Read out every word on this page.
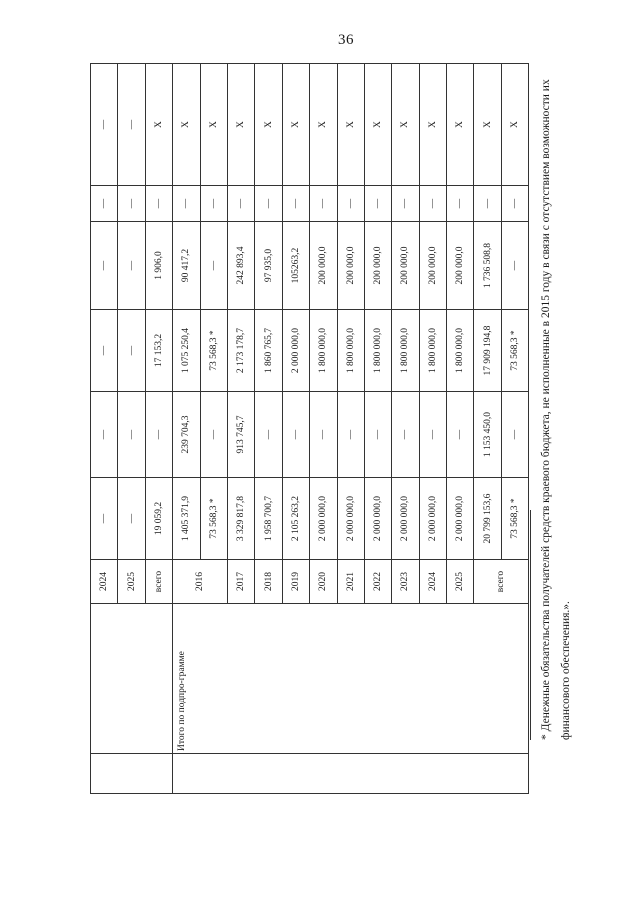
36
		2024	—	—	—	—	—	—
		2025	—	—	—	—	—	—
		всего	19 059,2	—	17 153,2	1 906,0	—	Х
	Итого по подпро-грамме	2016	1 405 371,9	239 704,3	1 075 250,4	90 417,2	—	Х
			73 568,3 *	—	73 568,3 *	—	—	Х
		2017	3 329 817,8	913 745,7	2 173 178,7	242 893,4	—	Х
		2018	1 958 700,7	—	1 860 765,7	97 935,0	—	Х
		2019	2 105 263,2	—	2 000 000,0	105263,2	—	Х
		2020	2 000 000,0	—	1 800 000,0	200 000,0	—	Х
		2021	2 000 000,0	—	1 800 000,0	200 000,0	—	Х
		2022	2 000 000,0	—	1 800 000,0	200 000,0	—	Х
		2023	2 000 000,0	—	1 800 000,0	200 000,0	—	Х
		2024	2 000 000,0	—	1 800 000,0	200 000,0	—	Х
		2025	2 000 000,0	—	1 800 000,0	200 000,0	—	Х
		всего	20 799 153,6	1 153 450,0	17 909 194,8	1 736 508,8	—	Х
			73 568,3 *	—	73 568,3 *	—	—	Х	* Денежные обязательства получателей средств краевого бюджета, не исполненные в 2015 году в связи с отсутствием возможности их финансового обеспечения.».
